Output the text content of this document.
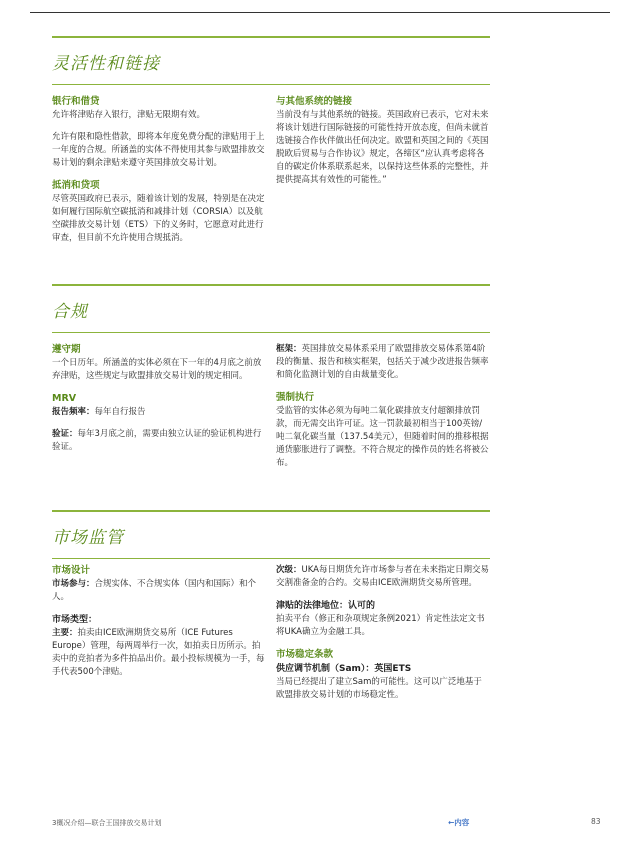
灵活性和链接
银行和借贷

允许将津贴存入银行，津贴无限期有效。

允许有限和隐性借款，即将本年度免费分配的津贴用于上一年度的合规。所涵盖的实体不得使用其参与欧盟排放交易计划的剩余津贴来遵守英国排放交易计划。

抵消和贷项

尽管英国政府已表示，随着该计划的发展，特别是在决定如何履行国际航空碳抵消和减排计划（CORSIA）以及航空碳排放交易计划（ETS）下的义务时，它愿意对此进行审查，但目前不允许使用合规抵消。

与其他系统的链接

当前没有与其他系统的链接。英国政府已表示，它对未来将该计划进行国际链接的可能性持开放态度，但尚未就首选链接合作伙伴做出任何决定。欧盟和英国之间的《英国脱欧后贸易与合作协议》规定，各缔区“应认真考虑将各自的碳定价体系联系起来，以保持这些体系的完整性，并提供提高其有效性的可能性。”

合规
遵守期

一个日历年。所涵盖的实体必须在下一年的4月底之前放弃津贴，这些规定与欧盟排放交易计划的规定相同。

MRV

报告频率：每年自行报告

验证：每年3月底之前，需要由独立认证的验证机构进行验证。

框架：英国排放交易体系采用了欧盟排放交易体系第4阶段的衡量、报告和核实框架，包括关于减少改进报告频率和简化监测计划的自由裁量变化。

强制执行

受监管的实体必须为每吨二氧化碳排放支付超额排放罚款，而无需交出许可证。这一罚款最初相当于100英镑/吨二氧化碳当量（137.54美元），但随着时间的推移根据通货膨胀进行了调整。不符合规定的操作员的姓名将被公布。

市场监管
市场设计

市场参与：合规实体、不合规实体（国内和国际）和个人。

市场类型：

主要：拍卖由ICE欧洲期货交易所（ICE Futures Europe）管理，每两周举行一次，如拍卖日历所示。拍卖中的竞拍者为多件拍品出价。最小投标规模为一手，每手代表500个津贴。

次级：UKA每日期货允许市场参与者在未来指定日期交易交割准备金的合约。交易由ICE欧洲期货交易所管理。

津贴的法律地位：认可的

拍卖平台（修正和杂项规定条例2021）肯定性法定文书将UKA确立为金融工具。

市场稳定条款
供应调节机制（Sam）：英国ETS

当局已经提出了建立Sam的可能性。这可以广泛地基于欧盟排放交易计划的市场稳定性。

3概况介绍—联合王国排放交易计划	←内容	83
